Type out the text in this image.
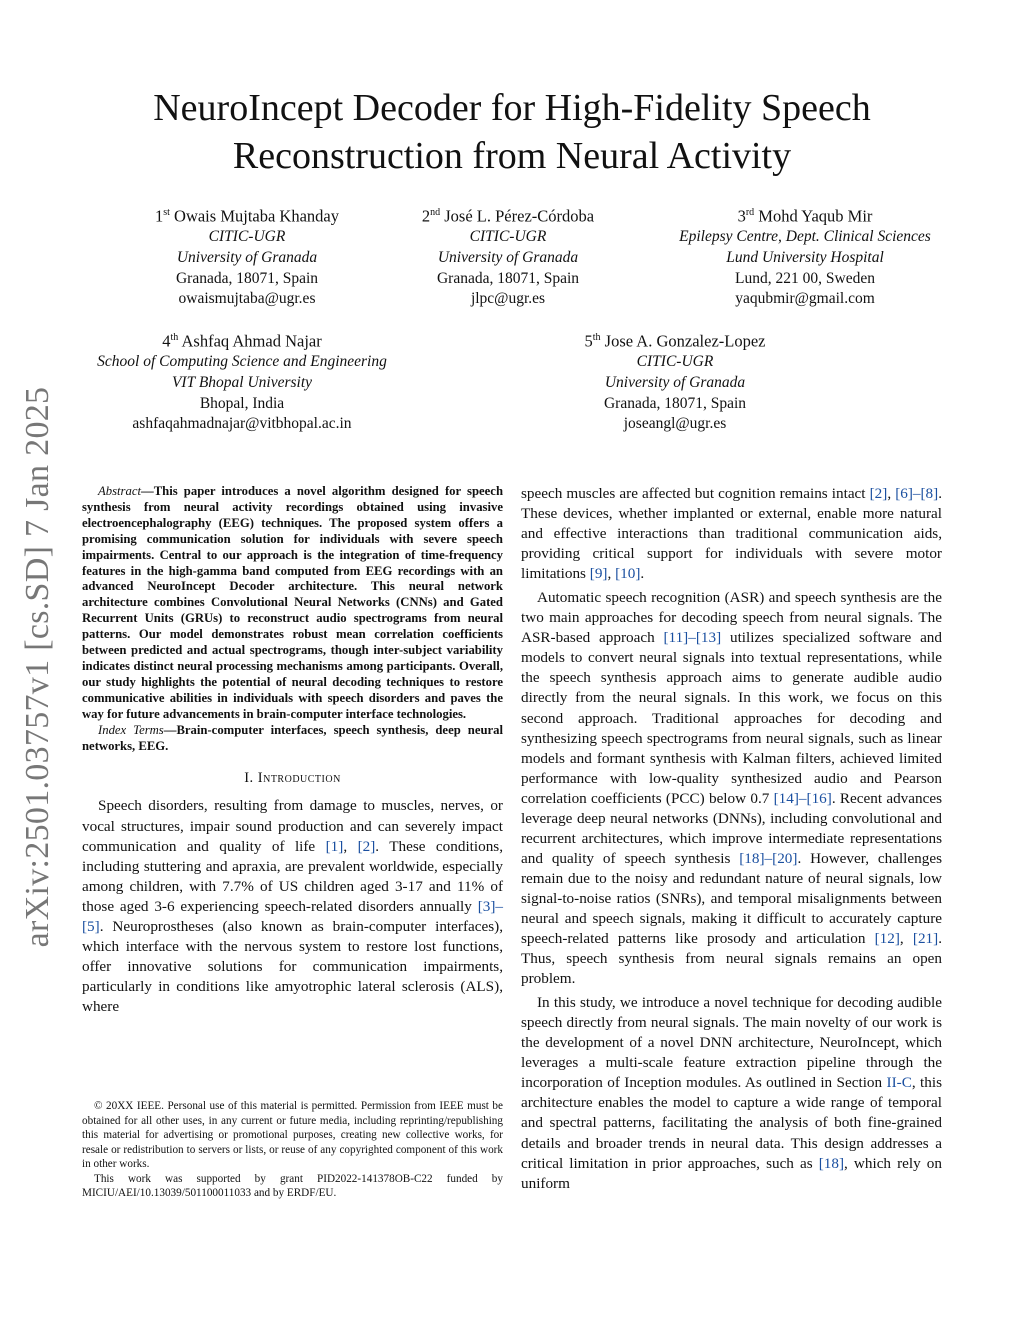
arXiv:2501.03757v1 [cs.SD] 7 Jan 2025
NeuroIncept Decoder for High-Fidelity Speech
Reconstruction from Neural Activity
1st Owais Mujtaba Khanday
CITIC-UGR
University of Granada
Granada, 18071, Spain
owaismujtaba@ugr.es
2nd José L. Pérez-Córdoba
CITIC-UGR
University of Granada
Granada, 18071, Spain
jlpc@ugr.es
3rd Mohd Yaqub Mir
Epilepsy Centre, Dept. Clinical Sciences
Lund University Hospital
Lund, 221 00, Sweden
yaqubmir@gmail.com
4th Ashfaq Ahmad Najar
School of Computing Science and Engineering
VIT Bhopal University
Bhopal, India
ashfaqahmadnajar@vitbhopal.ac.in
5th Jose A. Gonzalez-Lopez
CITIC-UGR
University of Granada
Granada, 18071, Spain
joseangl@ugr.es

Abstract—This paper introduces a novel algorithm designed for speech synthesis from neural activity recordings obtained using invasive electroencephalography (EEG) techniques. The proposed system offers a promising communication solution for individuals with severe speech impairments. Central to our approach is the integration of time-frequency features in the high-gamma band computed from EEG recordings with an advanced NeuroIncept Decoder architecture. This neural network architecture combines Convolutional Neural Networks (CNNs) and Gated Recurrent Units (GRUs) to reconstruct audio spectrograms from neural patterns. Our model demonstrates robust mean correlation coefficients between predicted and actual spectrograms, though inter-subject variability indicates distinct neural processing mechanisms among participants. Overall, our study highlights the potential of neural decoding techniques to restore communicative abilities in individuals with speech disorders and paves the way for future advancements in brain-computer interface technologies.

Index Terms—Brain-computer interfaces, speech synthesis, deep neural networks, EEG.

I. Introduction

Speech disorders, resulting from damage to muscles, nerves, or vocal structures, impair sound production and can severely impact communication and quality of life [1], [2]. These conditions, including stuttering and apraxia, are prevalent worldwide, especially among children, with 7.7% of US children aged 3-17 and 11% of those aged 3-6 experiencing speech-related disorders annually [3]–[5]. Neuroprostheses (also known as brain-computer interfaces), which interface with the nervous system to restore lost functions, offer innovative solutions for communication impairments, particularly in conditions like amyotrophic lateral sclerosis (ALS), where

© 20XX IEEE. Personal use of this material is permitted. Permission from IEEE must be obtained for all other uses, in any current or future media, including reprinting/republishing this material for advertising or promotional purposes, creating new collective works, for resale or redistribution to servers or lists, or reuse of any copyrighted component of this work in other works.

This work was supported by grant PID2022-141378OB-C22 funded by MICIU/AEI/10.13039/501100011033 and by ERDF/EU.

speech muscles are affected but cognition remains intact [2], [6]–[8]. These devices, whether implanted or external, enable more natural and effective interactions than traditional communication aids, providing critical support for individuals with severe motor limitations [9], [10].

Automatic speech recognition (ASR) and speech synthesis are the two main approaches for decoding speech from neural signals. The ASR-based approach [11]–[13] utilizes specialized software and models to convert neural signals into textual representations, while the speech synthesis approach aims to generate audible audio directly from the neural signals. In this work, we focus on this second approach. Traditional approaches for decoding and synthesizing speech spectrograms from neural signals, such as linear models and formant synthesis with Kalman filters, achieved limited performance with low-quality synthesized audio and Pearson correlation coefficients (PCC) below 0.7 [14]–[16]. Recent advances leverage deep neural networks (DNNs), including convolutional and recurrent architectures, which improve intermediate representations and quality of speech synthesis [18]–[20]. However, challenges remain due to the noisy and redundant nature of neural signals, low signal-to-noise ratios (SNRs), and temporal misalignments between neural and speech signals, making it difficult to accurately capture speech-related patterns like prosody and articulation [12], [21]. Thus, speech synthesis from neural signals remains an open problem.

In this study, we introduce a novel technique for decoding audible speech directly from neural signals. The main novelty of our work is the development of a novel DNN architecture, NeuroIncept, which leverages a multi-scale feature extraction pipeline through the incorporation of Inception modules. As outlined in Section II-C, this architecture enables the model to capture a wide range of temporal and spectral patterns, facilitating the analysis of both fine-grained details and broader trends in neural data. This design addresses a critical limitation in prior approaches, such as [18], which rely on uniform
